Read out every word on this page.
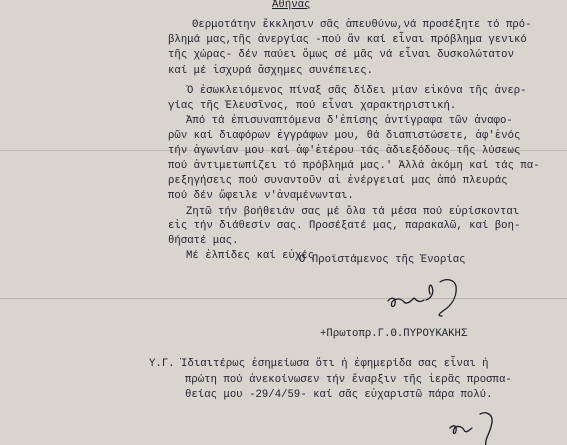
Ἀθήνας
Θερμοτάτην ἔκκλησιν σᾶς ἀπευθύνω,νά προσέξητε τό πρό-
βλημά μας,τῆς ἀνεργίας -πού ἄν καί εἶναι πρόβλημα γενικό
τῆς χώρας- δέν παύει ὅμως σέ μᾶς νά εἶναι δυσκολώτατον
καί μέ ἰσχυρά ἄσχημες συνέπειες.
Ὁ ἐσωκλειόμενος πίναξ σᾶς δίδει μίαν εἰκόνα τῆς ἀνερ-
γίας τῆς Ἐλευσῖνος, πού εἶναι χαρακτηριστική.
Ἀπό τά ἐπισυναπτόμενα δ'ἐπίσης ἀντίγραφα τῶν ἀναφο-
ρῶν καί διαφόρων ἐγγράφων μου, θά διαπιστώσετε, ἀφ'ἑνός
τήν ἀγωνίαν μου καί ἀφ'ἑτέρου τάς ἀδιεξόδους τῆς λύσεως
πού ἀντιμετωπίζει τό πρόβλημά μας.' Ἀλλά ἀκόμη καί τάς πα-
ρεξηγήσεις πού συναντοῦν αἱ ἐνέργειαί μας ἀπό πλευράς
πού δέν ὤφειλε ν'ἀναμένωνται.
Ζητῶ τήν βοήθειάν σας μέ ὅλα τά μέσα πού εὑρίσκονται
εἰς τήν διάθεσίν σας. Προσέξατέ μας, παρακαλῶ, καί βοη-
θήσατέ μας.
Μέ ἐλπίδες καί εὐχές
Ὁ Προϊστάμενος τῆς Ἐνορίας
+Πρωτοπρ.Γ.Θ.ΠΥΡΟΥΚΑΚΗΣ
Υ.Γ. Ἰδιαιτέρως ἐσημείωσα ὅτι ἡ ἐφημερίδα σας εἶναι ἡ
πρώτη πού ἀνεκοίνωσεν τήν ἔναρξιν τῆς ἱερᾶς προσπα-
θείας μου -29/4/59- καί σᾶς εὐχαριστῶ πάρα πολύ.
